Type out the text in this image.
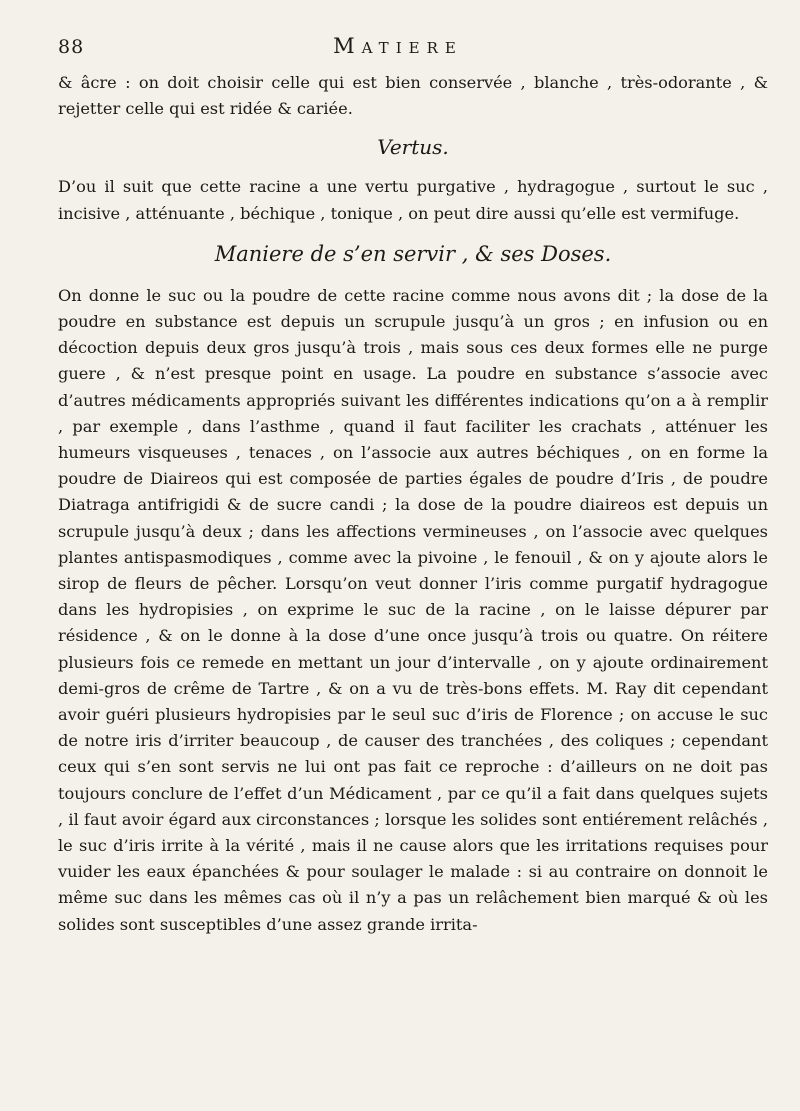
88	Matiere

& âcre : on doit choisir celle qui est bien conservée , blanche , très-odorante , & rejetter celle qui est ridée & cariée.

Vertus.

D’ou il suit que cette racine a une vertu purgative , hydragogue , surtout le suc , incisive , atténuante , béchique , tonique , on peut dire aussi qu’elle est vermifuge.

Maniere de s’en servir , & ses Doses.

On donne le suc ou la poudre de cette racine comme nous avons dit ; la dose de la poudre en substance est depuis un scrupule jusqu’à un gros ; en infusion ou en décoction depuis deux gros jusqu’à trois , mais sous ces deux formes elle ne purge guere , & n’est presque point en usage. La poudre en substance s’associe avec d’autres médicaments appropriés suivant les différentes indications qu’on a à remplir , par exemple , dans l’asthme , quand il faut faciliter les crachats , atténuer les humeurs visqueuses , tenaces , on l’associe aux autres béchiques , on en forme la poudre de Diaireos qui est composée de parties égales de poudre d’Iris , de poudre Diatraga antifrigidi & de sucre candi ; la dose de la poudre diaireos est depuis un scrupule jusqu’à deux ; dans les affections vermineuses , on l’associe avec quelques plantes antispasmodiques , comme avec la pivoine , le fenouil , & on y ajoute alors le sirop de fleurs de pêcher. Lorsqu’on veut donner l’iris comme purgatif hydragogue dans les hydropisies , on exprime le suc de la racine , on le laisse dépurer par résidence , & on le donne à la dose d’une once jusqu’à trois ou quatre. On réitere plusieurs fois ce remede en mettant un jour d’intervalle , on y ajoute ordinairement demi-gros de crême de Tartre , & on a vu de très-bons effets. M. Ray dit cependant avoir guéri plusieurs hydropisies par le seul suc d’iris de Florence ; on accuse le suc de notre iris d’irriter beaucoup , de causer des tranchées , des coliques ; cependant ceux qui s’en sont servis ne lui ont pas fait ce reproche : d’ailleurs on ne doit pas toujours conclure de l’effet d’un Médicament , par ce qu’il a fait dans quelques sujets , il faut avoir égard aux circonstances ; lorsque les solides sont entiérement relâchés , le suc d’iris irrite à la vérité , mais il ne cause alors que les irritations requises pour vuider les eaux épanchées & pour soulager le malade : si au contraire on donnoit le même suc dans les mêmes cas où il n’y a pas un relâchement bien marqué & où les solides sont susceptibles d’une assez grande irrita-
